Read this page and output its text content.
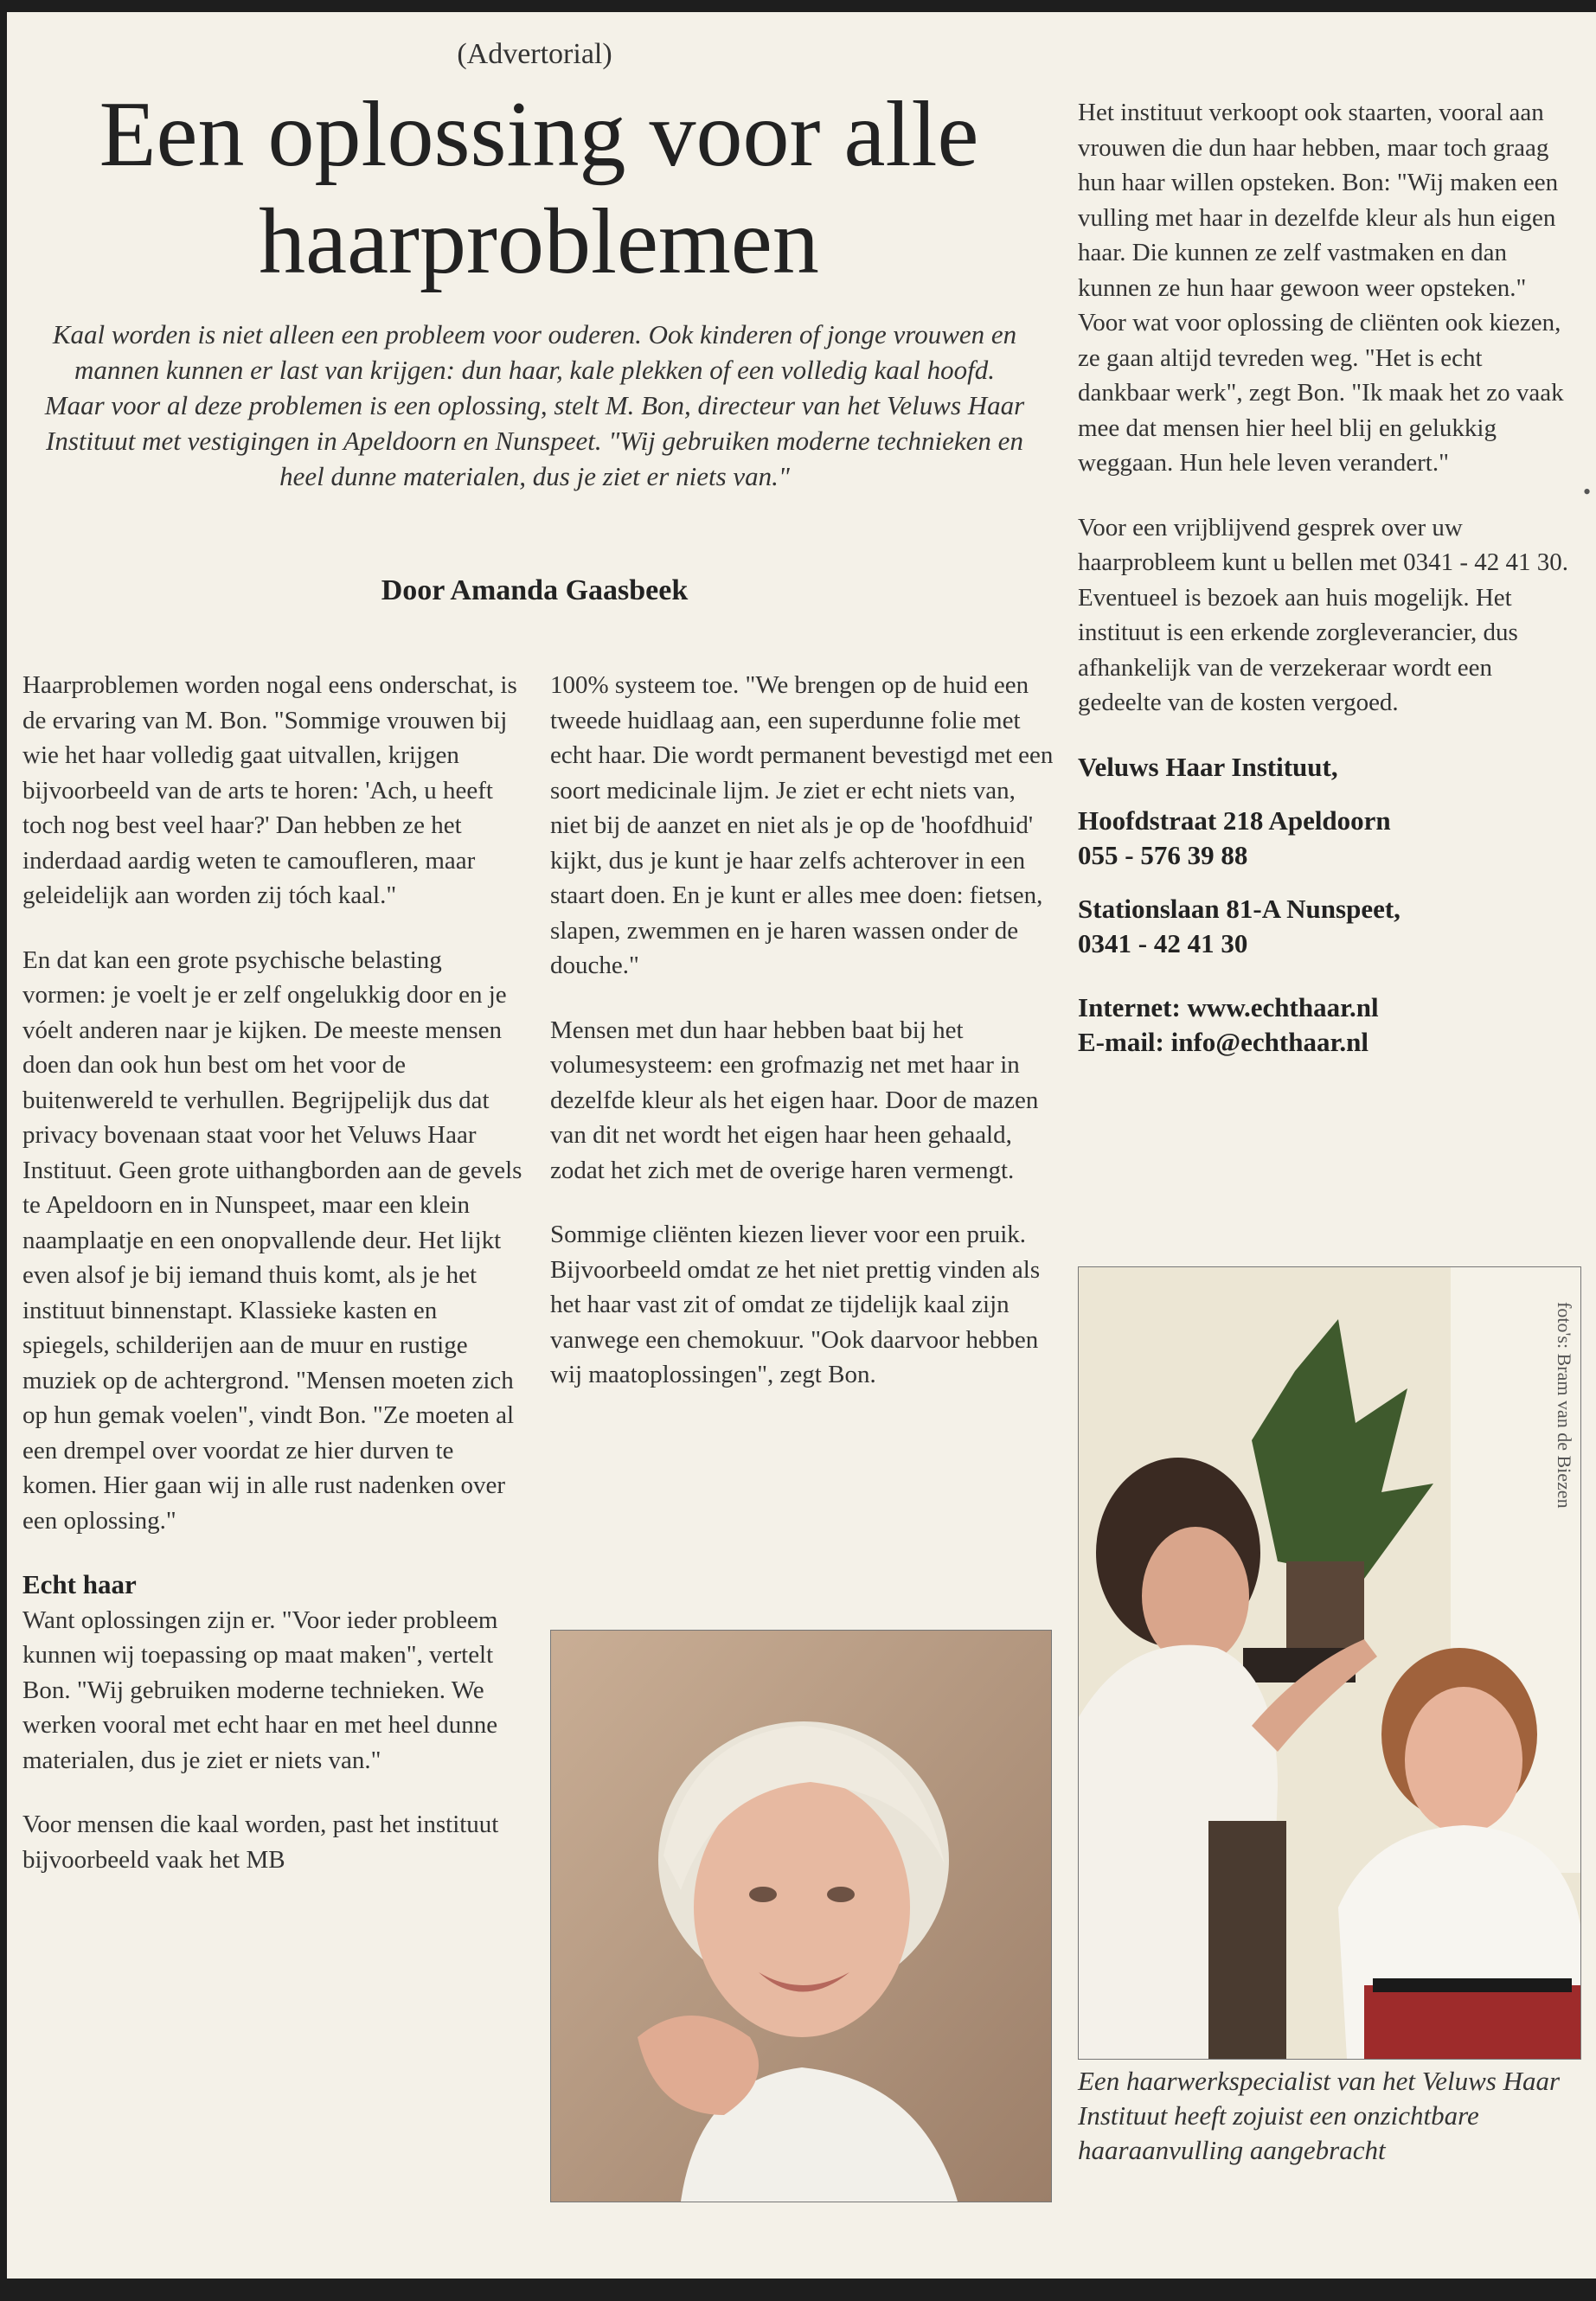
(Advertorial)
Een oplossing voor alle haarproblemen
Kaal worden is niet alleen een probleem voor ouderen. Ook kinderen of jonge vrouwen en mannen kunnen er last van krijgen: dun haar, kale plekken of een volledig kaal hoofd. Maar voor al deze problemen is een oplossing, stelt M. Bon, directeur van het Veluws Haar Instituut met vestigingen in Apeldoorn en Nunspeet. "Wij gebruiken moderne technieken en heel dunne materialen, dus je ziet er niets van."
Door Amanda Gaasbeek

Haarproblemen worden nogal eens onderschat, is de ervaring van M. Bon. "Sommige vrouwen bij wie het haar volledig gaat uitvallen, krijgen bijvoorbeeld van de arts te horen: 'Ach, u heeft toch nog best veel haar?' Dan hebben ze het inderdaad aardig weten te camoufleren, maar geleidelijk aan worden zij tóch kaal."

En dat kan een grote psychische belasting vormen: je voelt je er zelf ongelukkig door en je vóelt anderen naar je kijken. De meeste mensen doen dan ook hun best om het voor de buitenwereld te verhullen. Begrijpelijk dus dat privacy bovenaan staat voor het Veluws Haar Instituut. Geen grote uithangborden aan de gevels te Apeldoorn en in Nunspeet, maar een klein naamplaatje en een onopvallende deur. Het lijkt even alsof je bij iemand thuis komt, als je het instituut binnenstapt. Klassieke kasten en spiegels, schilderijen aan de muur en rustige muziek op de achtergrond. "Mensen moeten zich op hun gemak voelen", vindt Bon. "Ze moeten al een drempel over voordat ze hier durven te komen. Hier gaan wij in alle rust nadenken over een oplossing."

Echt haar

Want oplossingen zijn er. "Voor ieder probleem kunnen wij toepassing op maat maken", vertelt Bon. "Wij gebruiken moderne technieken. We werken vooral met echt haar en met heel dunne materialen, dus je ziet er niets van."

Voor mensen die kaal worden, past het instituut bijvoorbeeld vaak het MB

100% systeem toe. "We brengen op de huid een tweede huidlaag aan, een superdunne folie met echt haar. Die wordt permanent bevestigd met een soort medicinale lijm. Je ziet er echt niets van, niet bij de aanzet en niet als je op de 'hoofdhuid' kijkt, dus je kunt je haar zelfs achterover in een staart doen. En je kunt er alles mee doen: fietsen, slapen, zwemmen en je haren wassen onder de douche."

Mensen met dun haar hebben baat bij het volumesysteem: een grofmazig net met haar in dezelfde kleur als het eigen haar. Door de mazen van dit net wordt het eigen haar heen gehaald, zodat het zich met de overige haren vermengt.

Sommige cliënten kiezen liever voor een pruik. Bijvoorbeeld omdat ze het niet prettig vinden als het haar vast zit of omdat ze tijdelijk kaal zijn vanwege een chemokuur. "Ook daarvoor hebben wij maatoplossingen", zegt Bon.

Het instituut verkoopt ook staarten, vooral aan vrouwen die dun haar hebben, maar toch graag hun haar willen opsteken. Bon: "Wij maken een vulling met haar in dezelfde kleur als hun eigen haar. Die kunnen ze zelf vastmaken en dan kunnen ze hun haar gewoon weer opsteken." Voor wat voor oplossing de cliënten ook kiezen, ze gaan altijd tevreden weg. "Het is echt dankbaar werk", zegt Bon. "Ik maak het zo vaak mee dat mensen hier heel blij en gelukkig weggaan. Hun hele leven verandert."

Voor een vrijblijvend gesprek over uw haarprobleem kunt u bellen met 0341 - 42 41 30. Eventueel is bezoek aan huis mogelijk. Het instituut is een erkende zorgleverancier, dus afhankelijk van de verzekeraar wordt een gedeelte van de kosten vergoed.

Veluws Haar Instituut,

Hoofdstraat 218 Apeldoorn

055 - 576 39 88

Stationslaan 81-A Nunspeet,

0341 - 42 41 30

Internet: www.echthaar.nl
E-mail: info@echthaar.nl
foto's: Bram van de Biezen
Een haarwerkspecialist van het Veluws Haar Instituut heeft zojuist een onzichtbare haaraanvulling aangebracht
•
